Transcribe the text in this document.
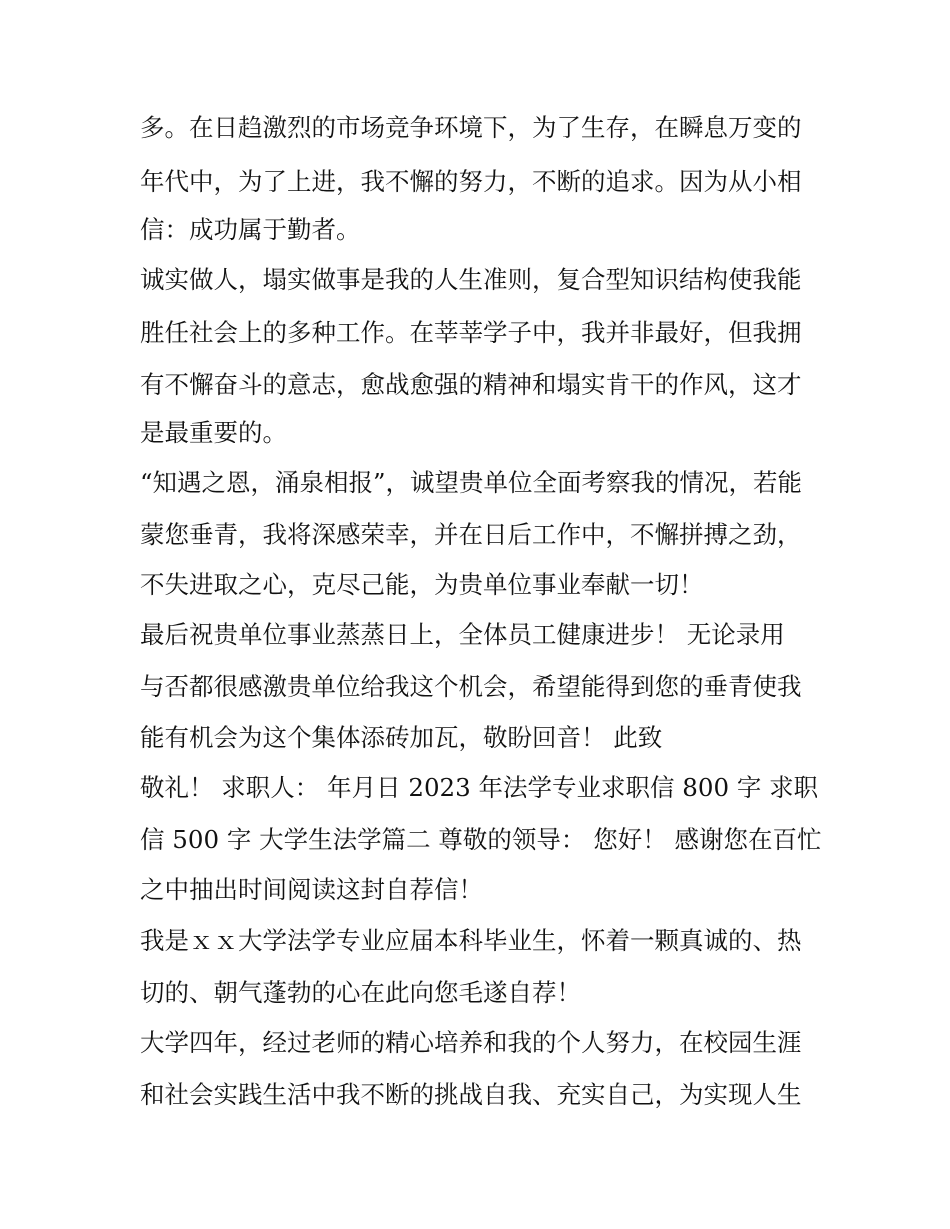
多。在日趋激烈的市场竞争环境下，为了生存，在瞬息万变的
年代中，为了上进，我不懈的努力，不断的追求。因为从小相
信：成功属于勤者。
诚实做人，塌实做事是我的人生准则，复合型知识结构使我能
胜任社会上的多种工作。在莘莘学子中，我并非最好，但我拥
有不懈奋斗的意志，愈战愈强的精神和塌实肯干的作风，这才
是最重要的。
“知遇之恩，涌泉相报”，诚望贵单位全面考察我的情况，若能
蒙您垂青，我将深感荣幸，并在日后工作中，不懈拼搏之劲，
不失进取之心，克尽己能，为贵单位事业奉献一切！
最后祝贵单位事业蒸蒸日上，全体员工健康进步！ 无论录用
与否都很感激贵单位给我这个机会，希望能得到您的垂青使我
能有机会为这个集体添砖加瓦，敬盼回音！ 此致
敬礼！ 求职人： 年月日 2023 年法学专业求职信 800 字 求职
信 500 字 大学生法学篇二 尊敬的领导： 您好！ 感谢您在百忙
之中抽出时间阅读这封自荐信！
我是ｘｘ大学法学专业应届本科毕业生，怀着一颗真诚的、热
切的、朝气蓬勃的心在此向您毛遂自荐！
大学四年，经过老师的精心培养和我的个人努力，在校园生涯
和社会实践生活中我不断的挑战自我、充实自己，为实现人生
